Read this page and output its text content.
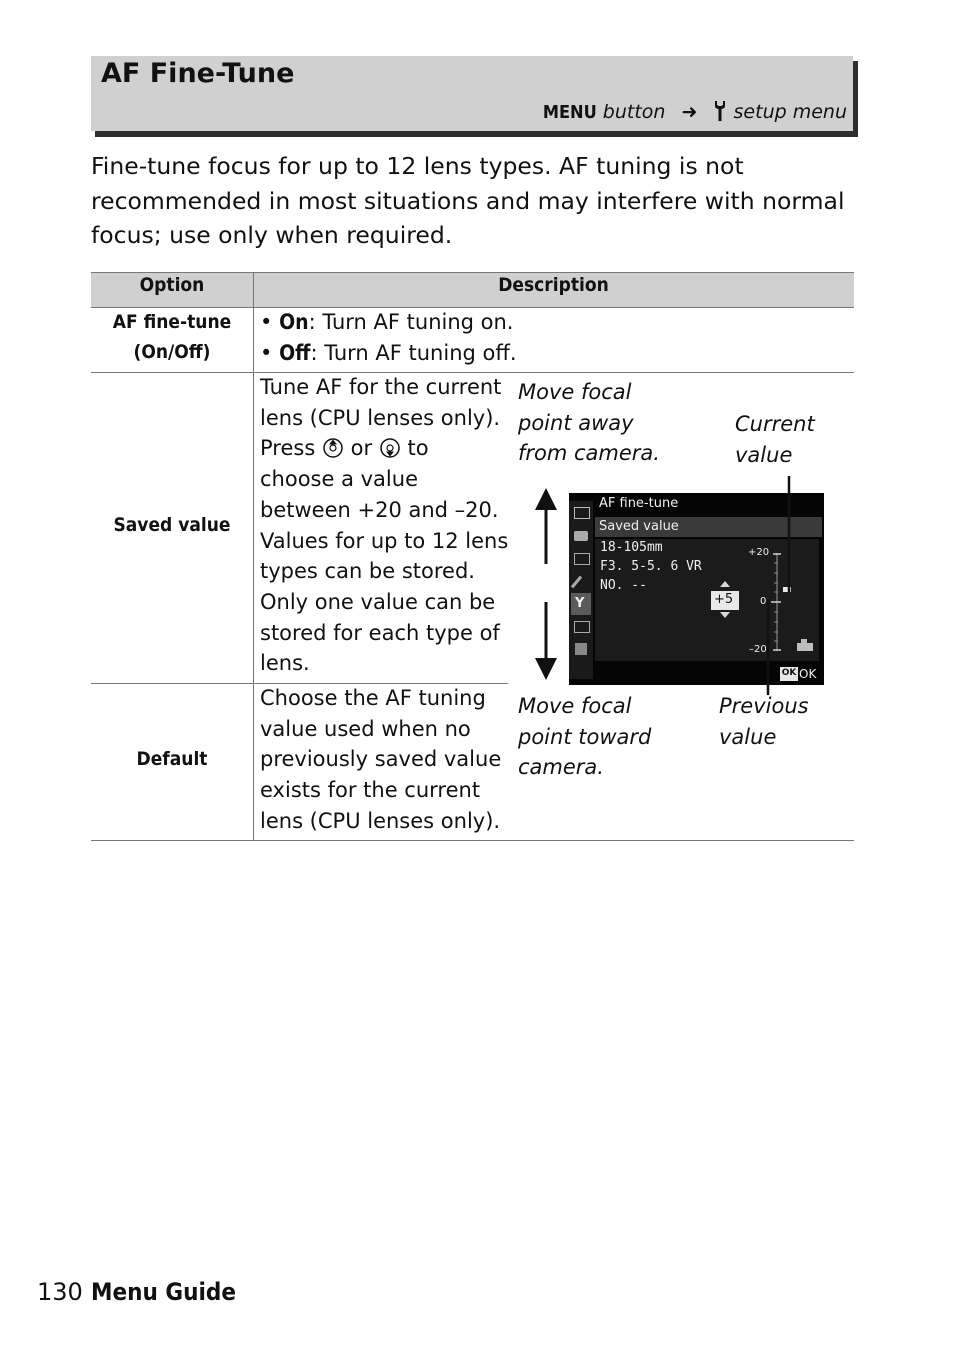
AF Fine-Tune
MENU button ➜ setup menu
Fine-tune focus for up to 12 lens types. AF tuning is not
recommended in most situations and may interfere with normal
focus; use only when required.
Option	Description
AF fine-tune
(On/Off)
• On: Turn AF tuning on.
• Off: Turn AF tuning off.
Saved value
Tune AF for the current
lens (CPU lenses only).
Press or to
choose a value
between +20 and –20.
Values for up to 12 lens
types can be stored.
Only one value can be
stored for each type of
lens.
Default
Choose the AF tuning
value used when no
previously saved value
exists for the current
lens (CPU lenses only).
Move focal
point away
from camera.
Current
value
Move focal
point toward
camera.
Previous
value
Y
AF fine-tune
Saved value
18-105mm
F3. 5-5. 6 VR
NO. --
+20
0
–20
+5
OK OK
130 Menu Guide
